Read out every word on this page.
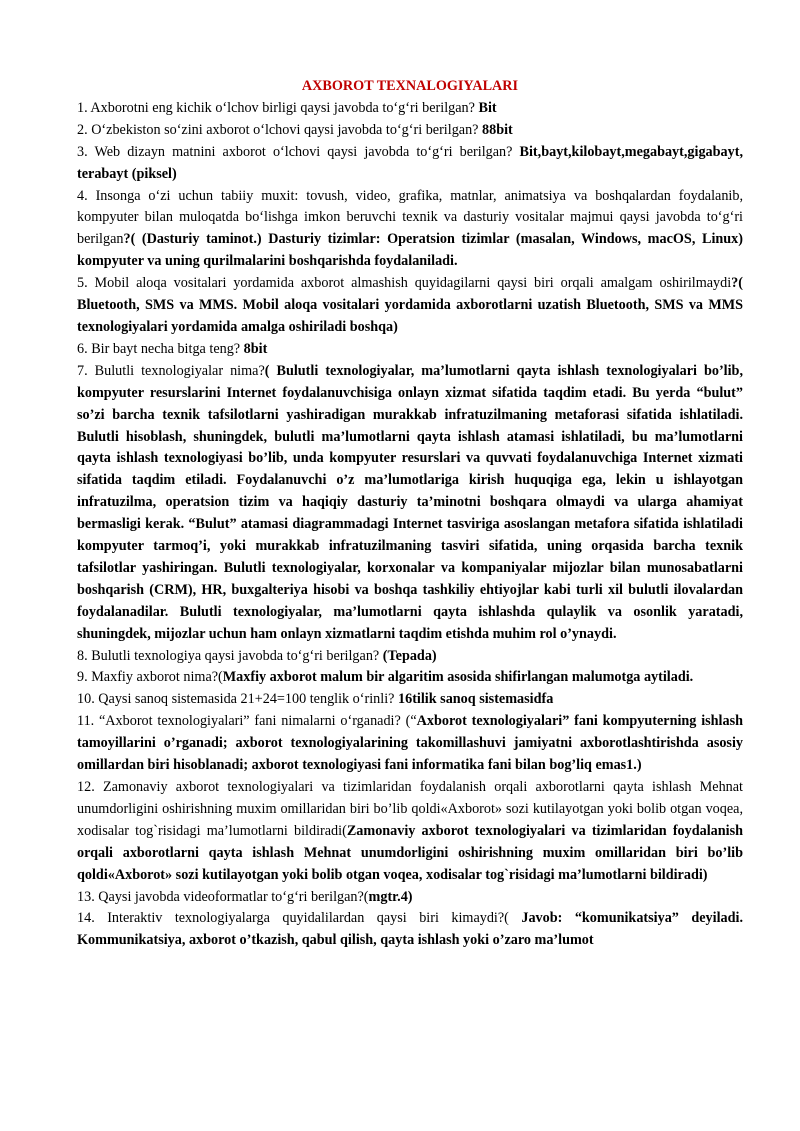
AXBOROT TEXNALOGIYALARI

1. Axborotni eng kichik o‘lchov birligi qaysi javobda to‘g‘ri berilgan? Bit

2. O‘zbekiston so‘zini axborot o‘lchovi qaysi javobda to‘g‘ri berilgan? 88bit

3. Web dizayn matnini axborot o‘lchovi qaysi javobda to‘g‘ri berilgan? Bit,bayt,kilobayt,megabayt,gigabayt, terabayt (piksel)

4. Insonga o‘zi uchun tabiiy muxit: tovush, video, grafika, matnlar, animatsiya va boshqalardan foydalanib, kompyuter bilan muloqatda bo‘lishga imkon beruvchi texnik va dasturiy vositalar majmui qaysi javobda to‘g‘ri berilgan?( (Dasturiy taminot.) Dasturiy tizimlar: Operatsion tizimlar (masalan, Windows, macOS, Linux) kompyuter va uning qurilmalarini boshqarishda foydalaniladi.

5. Mobil aloqa vositalari yordamida axborot almashish quyidagilarni qaysi biri orqali amalgam oshirilmaydi?( Bluetooth, SMS va MMS. Mobil aloqa vositalari yordamida axborotlarni uzatish Bluetooth, SMS va MMS texnologiyalari yordamida amalga oshiriladi boshqa)

6. Bir bayt necha bitga teng? 8bit

7. Bulutli texnologiyalar nima?( Bulutli texnologiyalar, ma’lumotlarni qayta ishlash texnologiyalari bo’lib, kompyuter resurslarini Internet foydalanuvchisiga onlayn xizmat sifatida taqdim etadi. Bu yerda “bulut” so’zi barcha texnik tafsilotlarni yashiradigan murakkab infratuzilmaning metaforasi sifatida ishlatiladi. Bulutli hisoblash, shuningdek, bulutli ma’lumotlarni qayta ishlash atamasi ishlatiladi, bu ma’lumotlarni qayta ishlash texnologiyasi bo’lib, unda kompyuter resurslari va quvvati foydalanuvchiga Internet xizmati sifatida taqdim etiladi. Foydalanuvchi o’z ma’lumotlariga kirish huquqiga ega, lekin u ishlayotgan infratuzilma, operatsion tizim va haqiqiy dasturiy ta’minotni boshqara olmaydi va ularga ahamiyat bermasligi kerak. “Bulut” atamasi diagrammadagi Internet tasviriga asoslangan metafora sifatida ishlatiladi kompyuter tarmoq’i, yoki murakkab infratuzilmaning tasviri sifatida, uning orqasida barcha texnik tafsilotlar yashiringan. Bulutli texnologiyalar, korxonalar va kompaniyalar mijozlar bilan munosabatlarni boshqarish (CRM), HR, buxgalteriya hisobi va boshqa tashkiliy ehtiyojlar kabi turli xil bulutli ilovalardan foydalanadilar. Bulutli texnologiyalar, ma’lumotlarni qayta ishlashda qulaylik va osonlik yaratadi, shuningdek, mijozlar uchun ham onlayn xizmatlarni taqdim etishda muhim rol o’ynaydi.

8. Bulutli texnologiya qaysi javobda to‘g‘ri berilgan? (Tepada)

9. Maxfiy axborot nima?(Maxfiy axborot malum bir algaritim asosida shifirlangan malumotga aytiladi.

10. Qaysi sanoq sistemasida 21+24=100 tenglik o‘rinli? 16tilik sanoq sistemasidfa

11. “Axborot texnologiyalari” fani nimalarni o‘rganadi? (“Axborot texnologiyalari” fani kompyuterning ishlash tamoyillarini o’rganadi; axborot texnologiyalarining takomillashuvi jamiyatni axborotlashtirishda asosiy omillardan biri hisoblanadi; axborot texnologiyasi fani informatika fani bilan bog’liq emas1.)

12. Zamonaviy axborot texnologiyalari va tizimlaridan foydalanish orqali axborotlarni qayta ishlash Mehnat unumdorligini oshirishning muxim omillaridan biri bo’lib qoldi«Axborot» sozi kutilayotgan yoki bolib otgan voqea, xodisalar tog`risidagi ma’lumotlarni bildiradi(Zamonaviy axborot texnologiyalari va tizimlaridan foydalanish orqali axborotlarni qayta ishlash Mehnat unumdorligini oshirishning muxim omillaridan biri bo’lib qoldi«Axborot» sozi kutilayotgan yoki bolib otgan voqea, xodisalar tog`risidagi ma’lumotlarni bildiradi)

13. Qaysi javobda videoformatlar to‘g‘ri berilgan?(mgtr.4)

14. Interaktiv texnologiyalarga quyidalilardan qaysi biri kimaydi?( Javob: “komunikatsiya” deyiladi. Kommunikatsiya, axborot o’tkazish, qabul qilish, qayta ishlash yoki o’zaro ma’lumot
